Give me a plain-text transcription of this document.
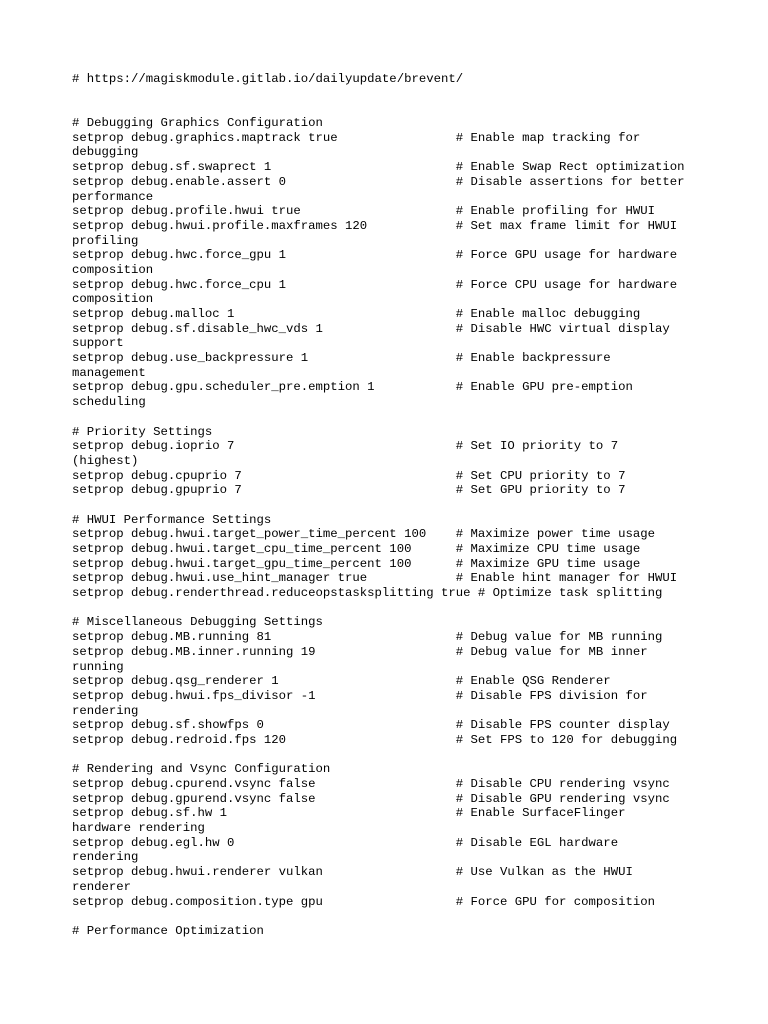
# https://magiskmodule.gitlab.io/dailyupdate/brevent/
# Debugging Graphics Configuration
setprop debug.graphics.maptrack true                # Enable map tracking for
debugging
setprop debug.sf.swaprect 1                         # Enable Swap Rect optimization
setprop debug.enable.assert 0                       # Disable assertions for better
performance
setprop debug.profile.hwui true                     # Enable profiling for HWUI
setprop debug.hwui.profile.maxframes 120            # Set max frame limit for HWUI
profiling
setprop debug.hwc.force_gpu 1                       # Force GPU usage for hardware
composition
setprop debug.hwc.force_cpu 1                       # Force CPU usage for hardware
composition
setprop debug.malloc 1                              # Enable malloc debugging
setprop debug.sf.disable_hwc_vds 1                  # Disable HWC virtual display
support
setprop debug.use_backpressure 1                    # Enable backpressure
management
setprop debug.gpu.scheduler_pre.emption 1           # Enable GPU pre-emption
scheduling
# Priority Settings
setprop debug.ioprio 7                              # Set IO priority to 7
(highest)
setprop debug.cpuprio 7                             # Set CPU priority to 7
setprop debug.gpuprio 7                             # Set GPU priority to 7
# HWUI Performance Settings
setprop debug.hwui.target_power_time_percent 100    # Maximize power time usage
setprop debug.hwui.target_cpu_time_percent 100      # Maximize CPU time usage
setprop debug.hwui.target_gpu_time_percent 100      # Maximize GPU time usage
setprop debug.hwui.use_hint_manager true            # Enable hint manager for HWUI
setprop debug.renderthread.reduceopstasksplitting true # Optimize task splitting
# Miscellaneous Debugging Settings
setprop debug.MB.running 81                         # Debug value for MB running
setprop debug.MB.inner.running 19                   # Debug value for MB inner
running
setprop debug.qsg_renderer 1                        # Enable QSG Renderer
setprop debug.hwui.fps_divisor -1                   # Disable FPS division for
rendering
setprop debug.sf.showfps 0                          # Disable FPS counter display
setprop debug.redroid.fps 120                       # Set FPS to 120 for debugging
# Rendering and Vsync Configuration
setprop debug.cpurend.vsync false                   # Disable CPU rendering vsync
setprop debug.gpurend.vsync false                   # Disable GPU rendering vsync
setprop debug.sf.hw 1                               # Enable SurfaceFlinger
hardware rendering
setprop debug.egl.hw 0                              # Disable EGL hardware
rendering
setprop debug.hwui.renderer vulkan                  # Use Vulkan as the HWUI
renderer
setprop debug.composition.type gpu                  # Force GPU for composition
# Performance Optimization
